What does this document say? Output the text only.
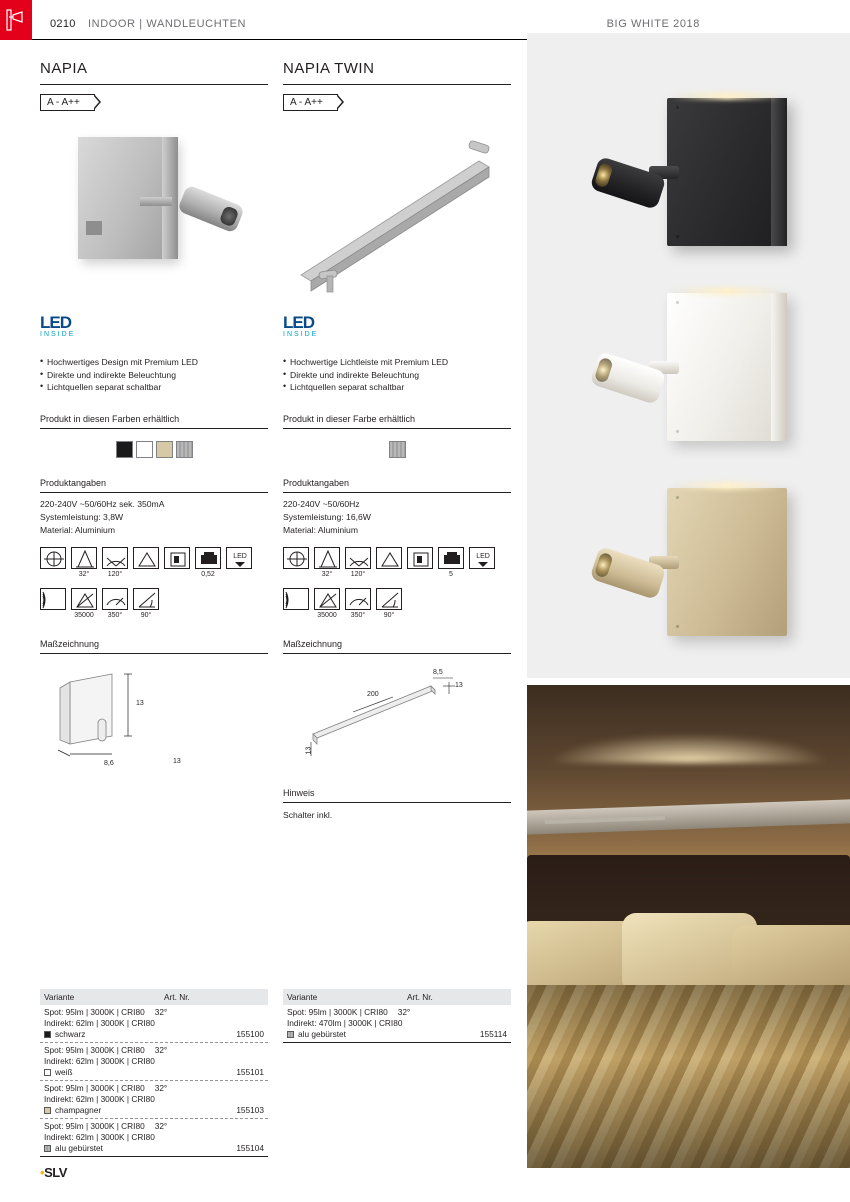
0210 INDOOR | WANDLEUCHTEN	BIG WHITE 2018
NAPIA
A - A++
LED
INSIDE
• Hochwertiges Design mit Premium LED
• Direkte und indirekte Beleuchtung
• Lichtquellen separat schaltbar
Produkt in diesen Farben erhältlich
Produktangaben
220-240V ~50/60Hz sek. 350mA
Systemleistung: 3,8W
Material: Aluminium
32°	120°	0,52
LED
35000	350°	90°
Maßzeichnung
13
13
8,6
Variante	Art. Nr.
Spot: 95lm | 3000K | CRI80 32°
Indirekt: 62lm | 3000K | CRI80
schwarz	155100
Spot: 95lm | 3000K | CRI80 32°
Indirekt: 62lm | 3000K | CRI80
weiß	155101
Spot: 95lm | 3000K | CRI80 32°
Indirekt: 62lm | 3000K | CRI80
champagner	155103
Spot: 95lm | 3000K | CRI80 32°
Indirekt: 62lm | 3000K | CRI80
alu gebürstet	155104
NAPIA TWIN
A - A++
LED
INSIDE
• Hochwertige Lichtleiste mit Premium LED
• Direkte und indirekte Beleuchtung
• Lichtquellen separat schaltbar
Produkt in dieser Farbe erhältlich
Produktangaben
220-240V ~50/60Hz
Systemleistung: 16,6W
Material: Aluminium
32°	120°	5
LED
35000	350°	90°
Maßzeichnung
8,5
13
200
13
Hinweis
Schalter inkl.
Variante	Art. Nr.
Spot: 95lm | 3000K | CRI80 32°
Indirekt: 470lm | 3000K | CRI80
alu gebürstet	155114
•SLV
